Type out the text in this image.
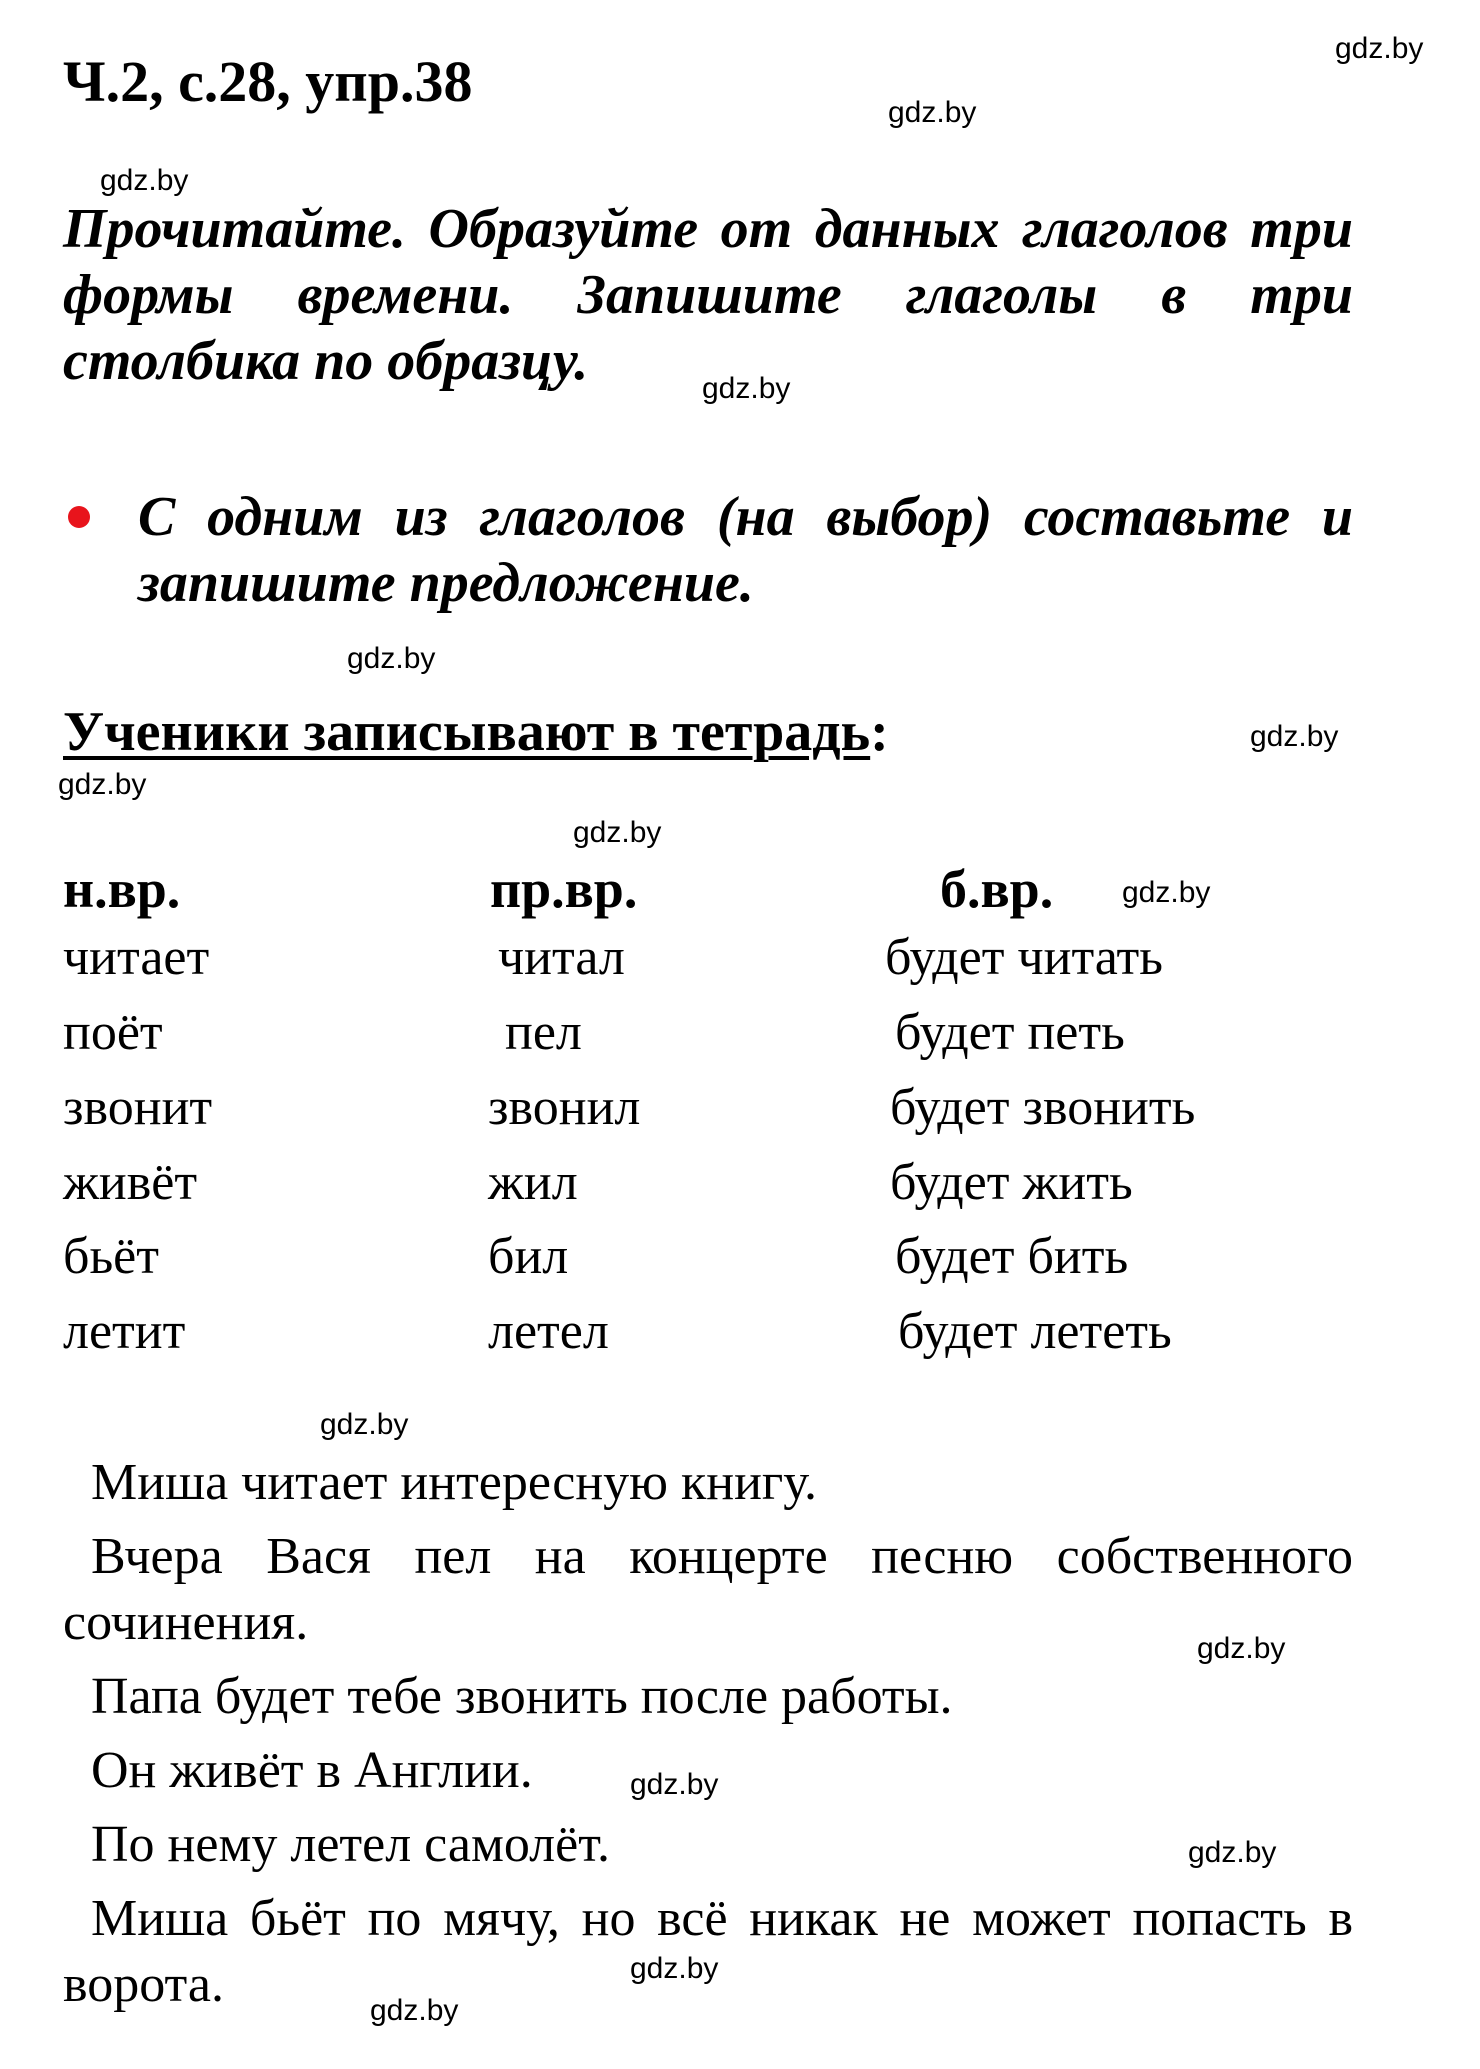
Ч.2, с.28, упр.38
Прочитайте. Образуйте от данных глаголов три формы времени. Запишите глаголы в три столбика по образцу.
С одним из глаголов (на выбор) составьте и запишите предложение.
Ученики записывают в тетрадь:
н.вр.	пр.вр.	б.вр.
читает	читал	будет читать
поёт	пел	будет петь
звонит	звонил	будет звонить
живёт	жил	будет жить
бьёт	бил	будет бить
летит	летел	будет лететь
Миша читает интересную книгу.
Вчера Вася пел на концерте песню собственного сочинения.
Папа будет тебе звонить после работы.
Он живёт в Англии.
По нему летел самолёт.
Миша бьёт по мячу, но всё никак не может попасть в ворота.
gdz.by
gdz.by
gdz.by
gdz.by
gdz.by
gdz.by
gdz.by
gdz.by
gdz.by
gdz.by
gdz.by
gdz.by
gdz.by
gdz.by
gdz.by
